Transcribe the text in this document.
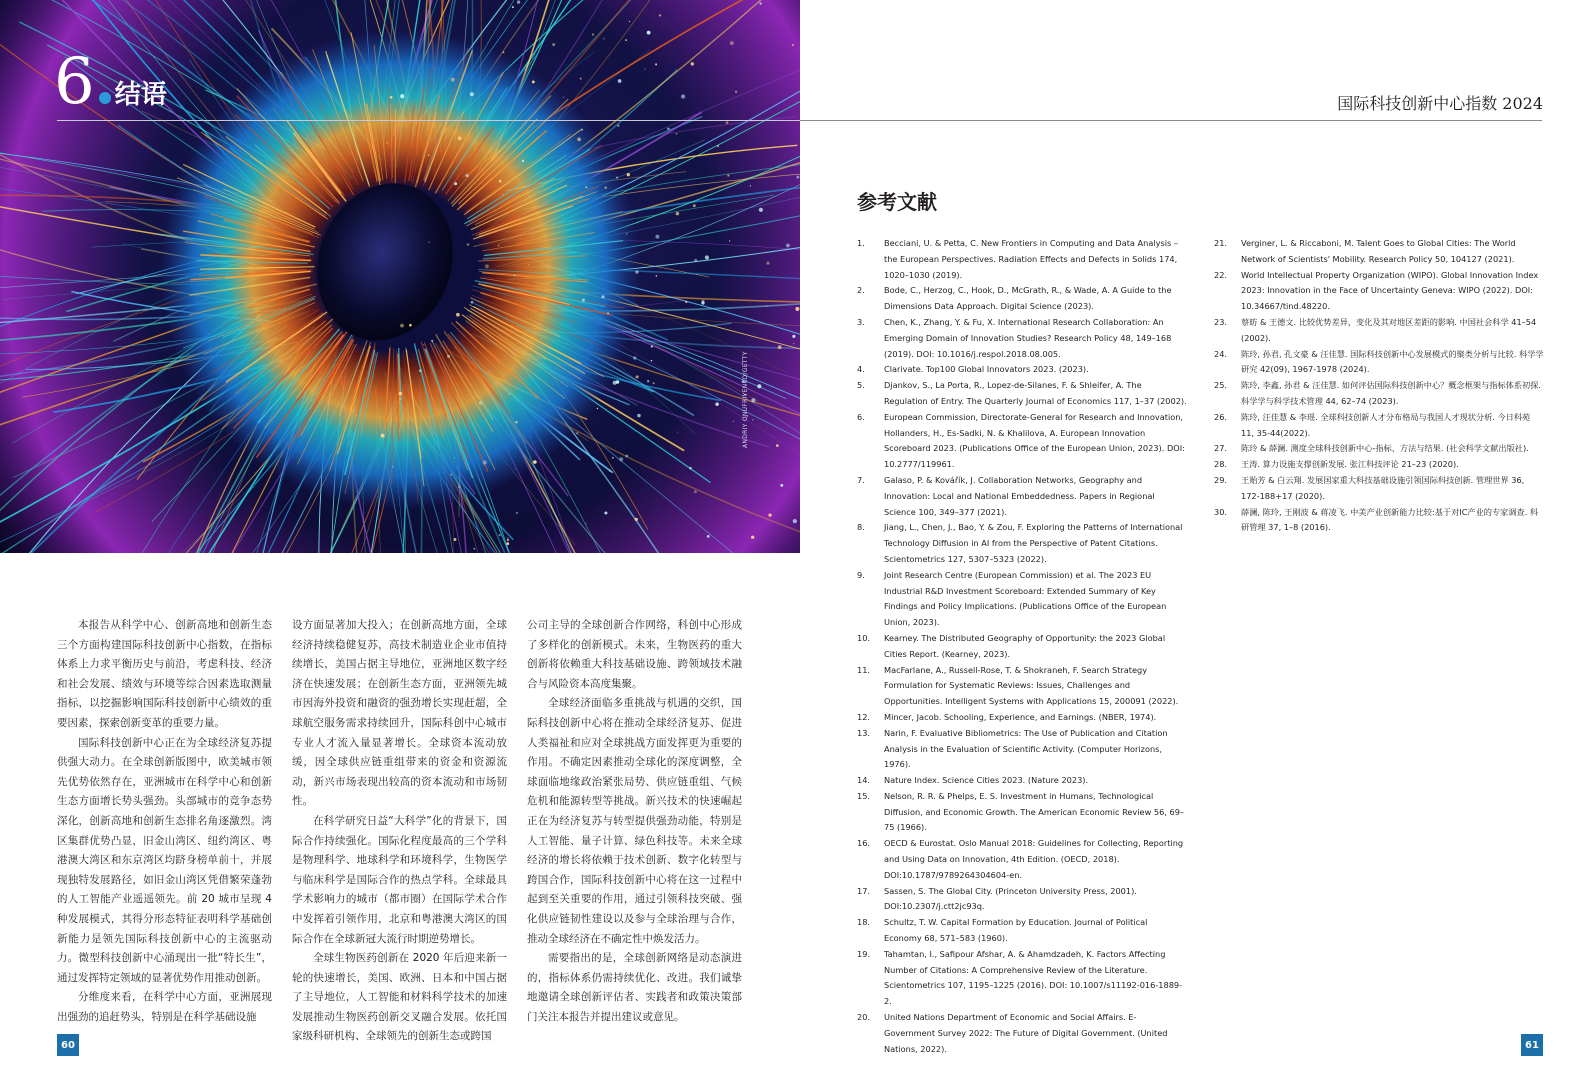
ANDRIY ONUFRIYENKO/GETTY
6 结语	国际科技创新中心指数 2024

本报告从科学中心、创新高地和创新生态三个方面构建国际科技创新中心指数，在指标体系上力求平衡历史与前沿，考虑科技、经济和社会发展、绩效与环境等综合因素选取测量指标，以挖掘影响国际科技创新中心绩效的重要因素，探索创新变革的重要力量。

国际科技创新中心正在为全球经济复苏提供强大动力。在全球创新版图中，欧美城市领先优势依然存在，亚洲城市在科学中心和创新生态方面增长势头强劲。头部城市的竞争态势深化，创新高地和创新生态排名角逐激烈。湾区集群优势凸显，旧金山湾区、纽约湾区、粤港澳大湾区和东京湾区均跻身榜单前十，并展现独特发展路径，如旧金山湾区凭借繁荣蓬勃的人工智能产业遥遥领先。前 20 城市呈现 4 种发展模式，其得分形态特征表明科学基础创新能力是领先国际科技创新中心的主流驱动力。微型科技创新中心涌现出一批“特长生”，通过发挥特定领域的显著优势作用推动创新。

分维度来看，在科学中心方面，亚洲展现出强劲的追赶势头，特别是在科学基础设施

设方面显著加大投入；在创新高地方面，全球经济持续稳健复苏，高技术制造业企业市值持续增长，美国占据主导地位，亚洲地区数字经济在快速发展；在创新生态方面，亚洲领先城市因海外投资和融资的强劲增长实现赶超，全球航空服务需求持续回升，国际科创中心城市专业人才流入量显著增长。全球资本流动放缓，因全球供应链重组带来的资金和资源流动，新兴市场表现出较高的资本流动和市场韧性。

在科学研究日益“大科学”化的背景下，国际合作持续强化。国际化程度最高的三个学科是物理科学、地球科学和环境科学，生物医学与临床科学是国际合作的热点学科。全球最具学术影响力的城市（都市圈）在国际学术合作中发挥着引领作用，北京和粤港澳大湾区的国际合作在全球新冠大流行时期逆势增长。

全球生物医药创新在 2020 年后迎来新一轮的快速增长，美国、欧洲、日本和中国占据了主导地位，人工智能和材料科学技术的加速发展推动生物医药创新交叉融合发展。依托国家级科研机构、全球领先的创新生态或跨国

公司主导的全球创新合作网络，科创中心形成了多样化的创新模式。未来，生物医药的重大创新将依赖重大科技基础设施、跨领域技术融合与风险资本高度集聚。

全球经济面临多重挑战与机遇的交织，国际科技创新中心将在推动全球经济复苏、促进人类福祉和应对全球挑战方面发挥更为重要的作用。不确定因素推动全球化的深度调整，全球面临地缘政治紧张局势、供应链重组、气候危机和能源转型等挑战。新兴技术的快速崛起正在为经济复苏与转型提供强劲动能，特别是人工智能、量子计算、绿色科技等。未来全球经济的增长将依赖于技术创新、数字化转型与跨国合作，国际科技创新中心将在这一过程中起到至关重要的作用，通过引领科技突破、强化供应链韧性建设以及参与全球治理与合作，推动全球经济在不确定性中焕发活力。

需要指出的是，全球创新网络是动态演进的，指标体系仍需持续优化、改进。我们诚挚地邀请全球创新评估者、实践者和政策决策部门关注本报告并提出建议或意见。

参考文献
1.	Becciani, U. & Petta, C. New Frontiers in Computing and Data Analysis – the European Perspectives. Radiation Effects and Defects in Solids 174, 1020–1030 (2019).
2.	Bode, C., Herzog, C., Hook, D., McGrath, R., & Wade, A. A Guide to the Dimensions Data Approach. Digital Science (2023).
3.	Chen, K., Zhang, Y. & Fu, X. International Research Collaboration: An Emerging Domain of Innovation Studies? Research Policy 48, 149–168 (2019). DOI: 10.1016/j.respol.2018.08.005.
4.	Clarivate. Top100 Global Innovators 2023. (2023).
5.	Djankov, S., La Porta, R., Lopez-de-Silanes, F. & Shleifer, A. The Regulation of Entry. The Quarterly Journal of Economics 117, 1–37 (2002).
6.	European Commission, Directorate-General for Research and Innovation, Hollanders, H., Es-Sadki, N. & Khalilova, A. European Innovation Scoreboard 2023. (Publications Office of the European Union, 2023). DOI: 10.2777/119961.
7.	Galaso, P. & Kovářík, J. Collaboration Networks, Geography and Innovation: Local and National Embeddedness. Papers in Regional Science 100, 349–377 (2021).
8.	Jiang, L., Chen, J., Bao, Y. & Zou, F. Exploring the Patterns of International Technology Diffusion in AI from the Perspective of Patent Citations. Scientometrics 127, 5307–5323 (2022).
9.	Joint Research Centre (European Commission) et al. The 2023 EU Industrial R&D Investment Scoreboard: Extended Summary of Key Findings and Policy Implications. (Publications Office of the European Union, 2023).
10.	Kearney. The Distributed Geography of Opportunity: the 2023 Global Cities Report. (Kearney, 2023).
11.	MacFarlane, A., Russell-Rose, T. & Shokraneh, F. Search Strategy Formulation for Systematic Reviews: Issues, Challenges and Opportunities. Intelligent Systems with Applications 15, 200091 (2022).
12.	Mincer, Jacob. Schooling, Experience, and Earnings. (NBER, 1974).
13.	Narin, F. Evaluative Bibliometrics: The Use of Publication and Citation Analysis in the Evaluation of Scientific Activity. (Computer Horizons, 1976).
14.	Nature Index. Science Cities 2023. (Nature 2023).
15.	Nelson, R. R. & Phelps, E. S. Investment in Humans, Technological Diffusion, and Economic Growth. The American Economic Review 56, 69–75 (1966).
16.	OECD & Eurostat. Oslo Manual 2018: Guidelines for Collecting, Reporting and Using Data on Innovation, 4th Edition. (OECD, 2018). DOI:10.1787/9789264304604-en.
17.	Sassen, S. The Global City. (Princeton University Press, 2001). DOI:10.2307/j.ctt2jc93q.
18.	Schultz, T. W. Capital Formation by Education. Journal of Political Economy 68, 571–583 (1960).
19.	Tahamtan, I., Safipour Afshar, A. & Ahamdzadeh, K. Factors Affecting Number of Citations: A Comprehensive Review of the Literature. Scientometrics 107, 1195–1225 (2016). DOI: 10.1007/s11192-016-1889-2.
20.	United Nations Department of Economic and Social Affairs. E-Government Survey 2022: The Future of Digital Government. (United Nations, 2022).
21.	Verginer, L. & Riccaboni, M. Talent Goes to Global Cities: The World Network of Scientists' Mobility. Research Policy 50, 104127 (2021).
22.	World Intellectual Property Organization (WIPO). Global Innovation Index 2023: Innovation in the Face of Uncertainty Geneva: WIPO (2022). DOI: 10.34667/tind.48220.
23.	蔡昉 & 王德文. 比较优势差异，变化及其对地区差距的影响. 中国社会科学 41–54 (2002).
24.	陈玲, 孙君, 孔文豪 & 汪佳慧. 国际科技创新中心发展模式的聚类分析与比较. 科学学研究 42(09), 1967-1978 (2024).
25.	陈玲, 李鑫, 孙君 & 汪佳慧. 如何评估国际科技创新中心？概念框架与指标体系初探. 科学学与科学技术管理 44, 62–74 (2023).
26.	陈玲, 汪佳慧 & 李瑶. 全球科技创新人才分布格局与我国人才现状分析. 今日科苑 11, 35-44(2022).
27.	陈玲 & 薛澜. 测度全球科技创新中心-指标、方法与结果. (社会科学文献出版社).
28.	王涛. 算力设施支撑创新发展. 张江科技评论 21–23 (2020).
29.	王贻芳 & 白云翔. 发展国家重大科技基础设施引领国际科技创新. 管理世界 36, 172-188+17 (2020).
30.	薛澜, 陈玲, 王刚波 & 蒋凌飞. 中美产业创新能力比较:基于对IC产业的专家调查. 科研管理 37, 1–8 (2016).
60	61
